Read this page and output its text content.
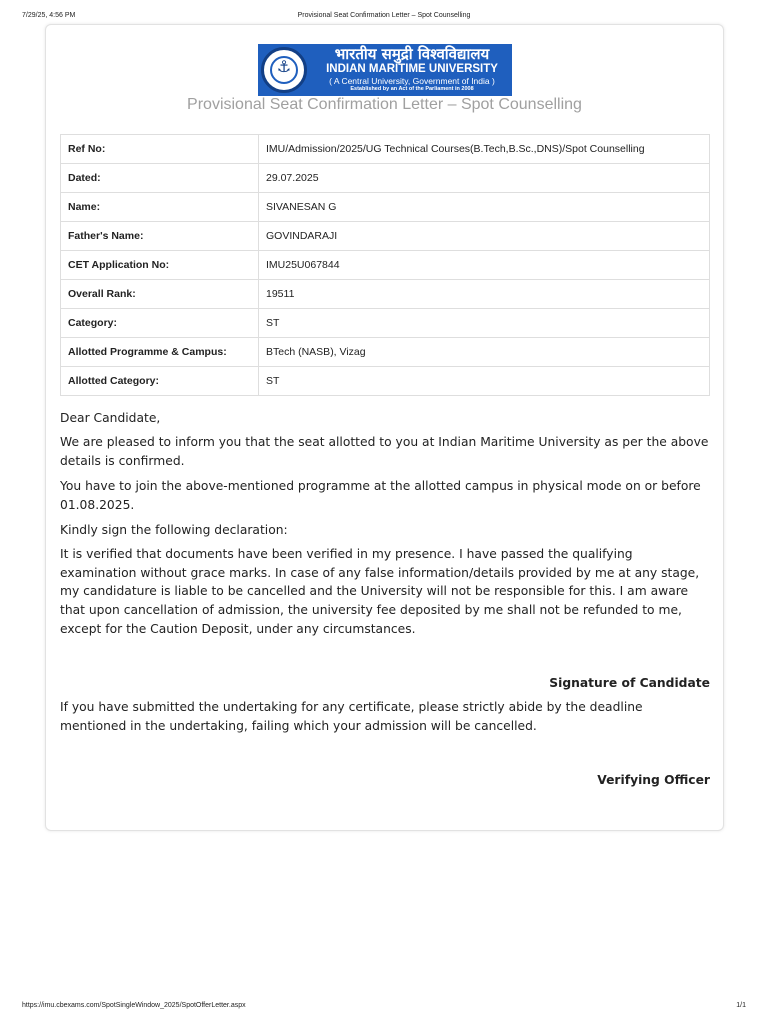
7/29/25, 4:56 PM	Provisional Seat Confirmation Letter – Spot Counselling
⚓
भारतीय समुद्री विश्वविद्यालय
INDIAN MARITIME UNIVERSITY
( A Central University, Government of India )
Established by an Act of the Parliament in 2008
Provisional Seat Confirmation Letter – Spot Counselling
Ref No:	IMU/Admission/2025/UG Technical Courses(B.Tech,B.Sc.,DNS)/Spot Counselling
Dated:	29.07.2025
Name:	SIVANESAN G
Father's Name:	GOVINDARAJI
CET Application No:	IMU25U067844
Overall Rank:	19511
Category:	ST
Allotted Programme & Campus:	BTech (NASB), Vizag
Allotted Category:	ST

Dear Candidate,

We are pleased to inform you that the seat allotted to you at Indian Maritime University as per the above details is confirmed.

You have to join the above-mentioned programme at the allotted campus in physical mode on or before 01.08.2025.

Kindly sign the following declaration:

It is verified that documents have been verified in my presence. I have passed the qualifying examination without grace marks. In case of any false information/details provided by me at any stage, my candidature is liable to be cancelled and the University will not be responsible for this. I am aware that upon cancellation of admission, the university fee deposited by me shall not be refunded to me, except for the Caution Deposit, under any circumstances.

Signature of Candidate

If you have submitted the undertaking for any certificate, please strictly abide by the deadline mentioned in the undertaking, failing which your admission will be cancelled.

Verifying Officer
https://imu.cbexams.com/SpotSingleWindow_2025/SpotOfferLetter.aspx	1/1
